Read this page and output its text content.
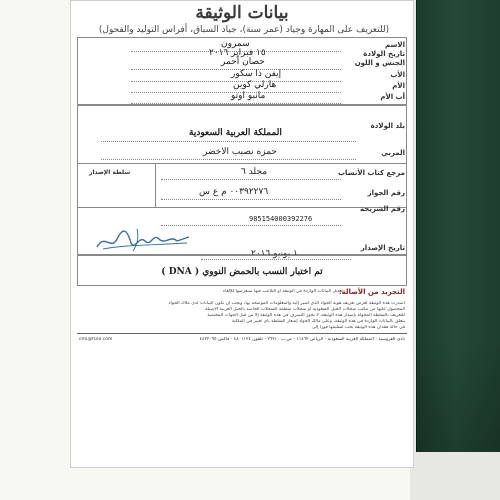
بيانات الوثيقة
(للتعريف على المهارة وجياد (عمر سنة)، جياد السباق، أفراس التوليد والفحول)
الاسم
سمرون
تاريخ الولادة
١٥ فبراير ٢٠١٦
الجنس و اللون
حصان أحمر
الأب
إيفن ذا سكور
الأم
هارلي كوين
أب الأم
مانبو اوتو
بلد الولادة
المملكة العربية السعودية
المربي
حمزه نصيب الاخضر
سلطة الإصدار	مرجع كتاب الأنساب
مجلد ٦
رقم الجواز
٠٠٣٩٢٢٧٦ م ع س
رقم الشريحة
985154000392276
تاريخ الإصدار
١ يونيو ٢٠١٦
تم اختبار النسب بالحمض النووي ( DNA )
التجريد من الأصالة:
تعديل البيانات الواردة في الوثيقة أو التلاعب فيها سيعرضها للإلغاء
أصدرت هذه الوثيقة لغرض تعريف هوية الجواد الذي أشير إليه والمعلومات الموضحة بها، ويجب أن تكون البيانات لدى ملاك الجواد
المحصول عليها من مكتب سجلات الخيل السعودية أو سجلات منظمة السجلات الخاصة بالخيل العربية الأصيلة
للتعريف بالسلطة المخولة بإصدار هذه الوثيقة، لا يجوز التصرف في هذه الوثيقة إلا من قبل الجهات المختصة
يتعلق بالبيانات الواردة في هذه الوثيقة، وعلى مالك الجواد إشعار السلطة بأي تغيير في الملكية
في حالة فقدان هذه الوثيقة يجب تسليمها فوراً إلى
نادي الفروسية - المملكة العربية السعودية - الرياض ١١٤٦٢ - ص.ب ٢٦٢١٠ - تلفون ٤٨٠١١٢٤ - فاكس ٤٨٢٢٠٩٥
info@fsea.com
